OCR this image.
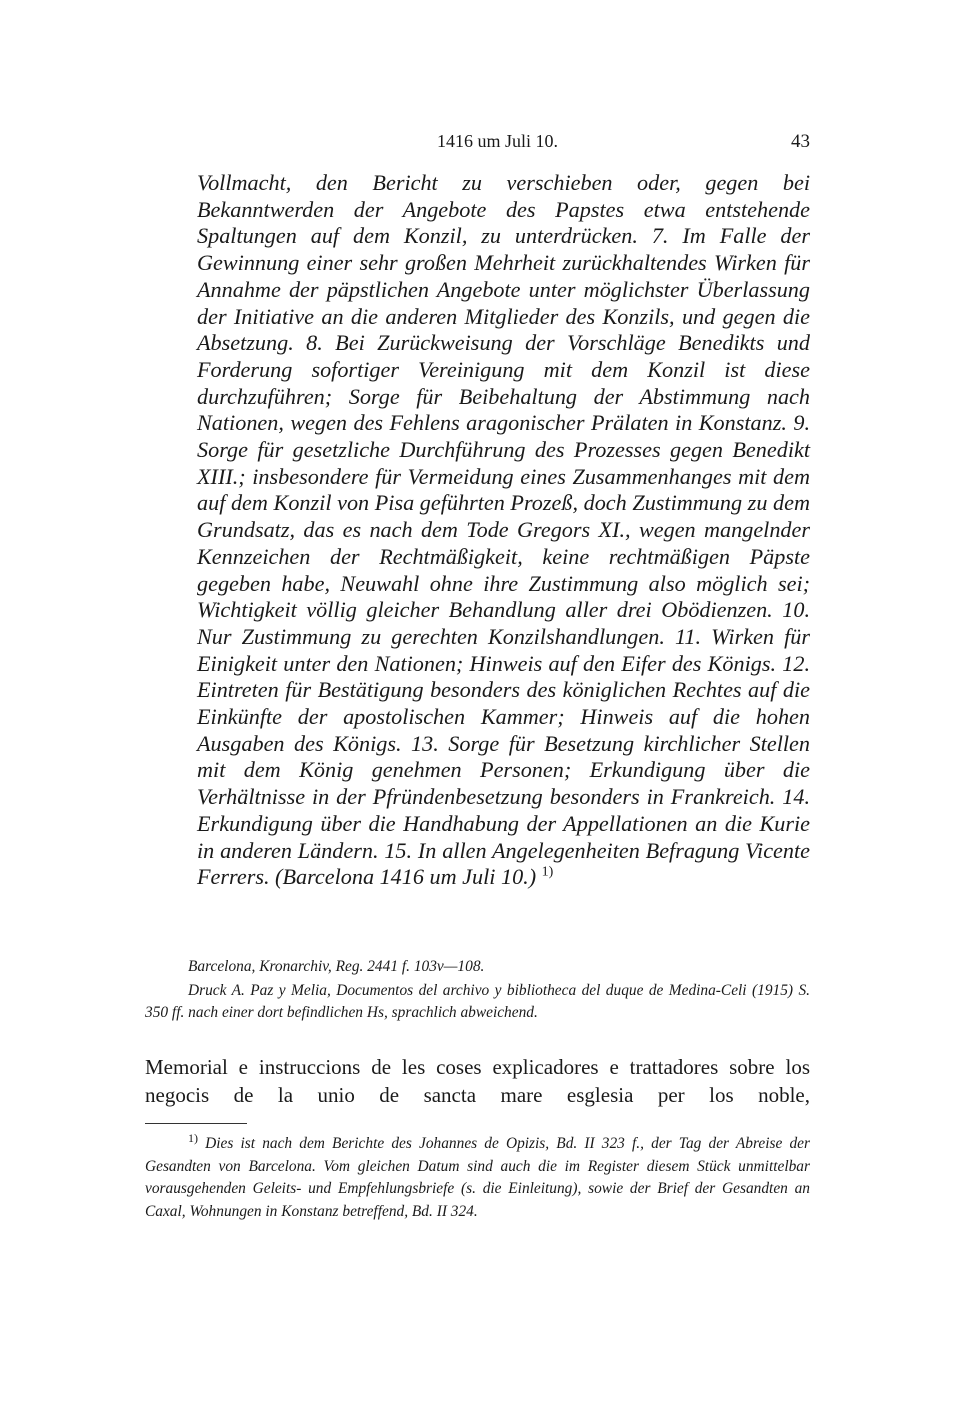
1416 um Juli 10.	43
Vollmacht, den Bericht zu verschieben oder, gegen bei Bekanntwerden der Angebote des Papstes etwa entstehende Spaltungen auf dem Konzil, zu unterdrücken. 7. Im Falle der Gewinnung einer sehr großen Mehrheit zurückhaltendes Wirken für Annahme der päpstlichen Angebote unter möglichster Überlassung der Initiative an die anderen Mitglieder des Konzils, und gegen die Absetzung. 8. Bei Zurückweisung der Vorschläge Benedikts und Forderung sofortiger Vereinigung mit dem Konzil ist diese durchzuführen; Sorge für Beibehaltung der Abstimmung nach Nationen, wegen des Fehlens aragonischer Prälaten in Konstanz. 9. Sorge für gesetzliche Durchführung des Prozesses gegen Benedikt XIII.; insbesondere für Vermeidung eines Zusammenhanges mit dem auf dem Konzil von Pisa geführten Prozeß, doch Zustimmung zu dem Grundsatz, das es nach dem Tode Gregors XI., wegen mangelnder Kennzeichen der Rechtmäßigkeit, keine rechtmäßigen Päpste gegeben habe, Neuwahl ohne ihre Zustimmung also möglich sei; Wichtigkeit völlig gleicher Behandlung aller drei Obödienzen. 10. Nur Zustimmung zu gerechten Konzilshandlungen. 11. Wirken für Einigkeit unter den Nationen; Hinweis auf den Eifer des Königs. 12. Eintreten für Bestätigung besonders des königlichen Rechtes auf die Einkünfte der apostolischen Kammer; Hinweis auf die hohen Ausgaben des Königs. 13. Sorge für Besetzung kirchlicher Stellen mit dem König genehmen Personen; Erkundigung über die Verhältnisse in der Pfründenbesetzung besonders in Frankreich. 14. Erkundigung über die Handhabung der Appellationen an die Kurie in anderen Ländern. 15. In allen Angelegenheiten Befragung Vicente Ferrers. (Barcelona 1416 um Juli 10.) $^{1)}$
Barcelona, Kronarchiv, Reg. 2441 f. 103v—108.
Druck A. Paz y Melia, Documentos del archivo y bibliotheca del duque de Medina-Celi (1915) S. 350 ff. nach einer dort befindlichen Hs, sprachlich abweichend.
Memorial e instruccions de les coses explicadores e trattadores sobre los negocis de la unio de sancta mare esglesia per los noble,
$^{1)}$ Dies ist nach dem Berichte des Johannes de Opizis, Bd. II 323 f., der Tag der Abreise der Gesandten von Barcelona. Vom gleichen Datum sind auch die im Register diesem Stück unmittelbar vorausgehenden Geleits- und Empfehlungsbriefe (s. die Einleitung), sowie der Brief der Gesandten an Caxal, Wohnungen in Konstanz betreffend, Bd. II 324.
